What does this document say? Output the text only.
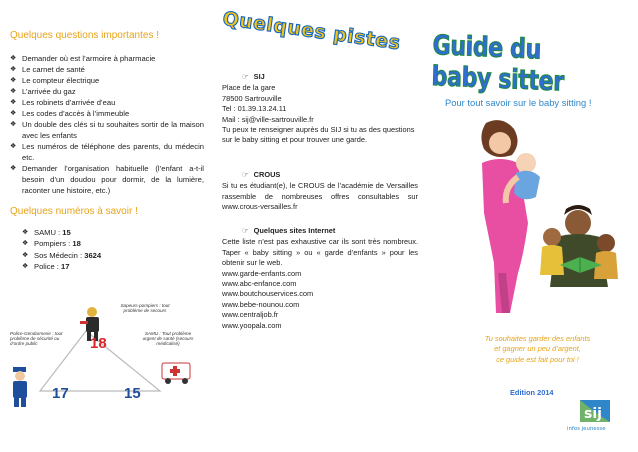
Quelques questions importantes !
❖ Demander où est l’armoire à pharmacie
❖ Le carnet de santé
❖ Le compteur électrique
❖ L’arrivée du gaz
❖ Les robinets d’arrivée d’eau
❖ Les codes d’accès à l’immeuble
❖ Un double des clés si tu souhaites sortir de la maison avec les enfants
❖ Les numéros de téléphone des parents, du médecin etc.
❖ Demander l’organisation habituelle (l’enfant a-t-il besoin d’un doudou pour dormir, de la lumière, raconter une histoire, etc.)
Quelques numéros à savoir !
❖ SAMU : 15
❖ Pompiers : 18
❖ Sos Médecin : 3624
❖ Police : 17
Sapeurs-pompiers : tout problème de secours
Police-Gendarmerie : tout problème de sécurité ou d’ordre public
SAMU : Tout problème urgent de santé (secours médicalisé)
18
17	15
Quelques pistes
☞ SIJ
Place de la gare
78500 Sartrouville
Tel : 01.39.13.24.11
Mail : sij@ville-sartrouville.fr
Tu peux te renseigner auprès du SIJ si tu as des questions sur le baby sitting et pour trouver une garde.
☞ CROUS
Si tu es étudiant(e), le CROUS de l’académie de Versailles rassemble de nombreuses offres consultables sur www.crous-versailles.fr
☞ Quelques sites Internet
Cette liste n’est pas exhaustive car ils sont très nombreux. Taper « baby sitting » ou « garde d’enfants » pour les obtenir sur le web.
www.garde-enfants.com
www.abc-enfance.com
www.boutchouservices.com
www.bebe-nounou.com
www.centraljob.fr
www.yoopala.com
Guide du baby sitter
Pour tout savoir sur le baby sitting !
Tu souhaites garder des enfants
et gagner un peu d’argent,
ce guide est fait pour toi !
Edition 2014
sij
infos jeunesse
